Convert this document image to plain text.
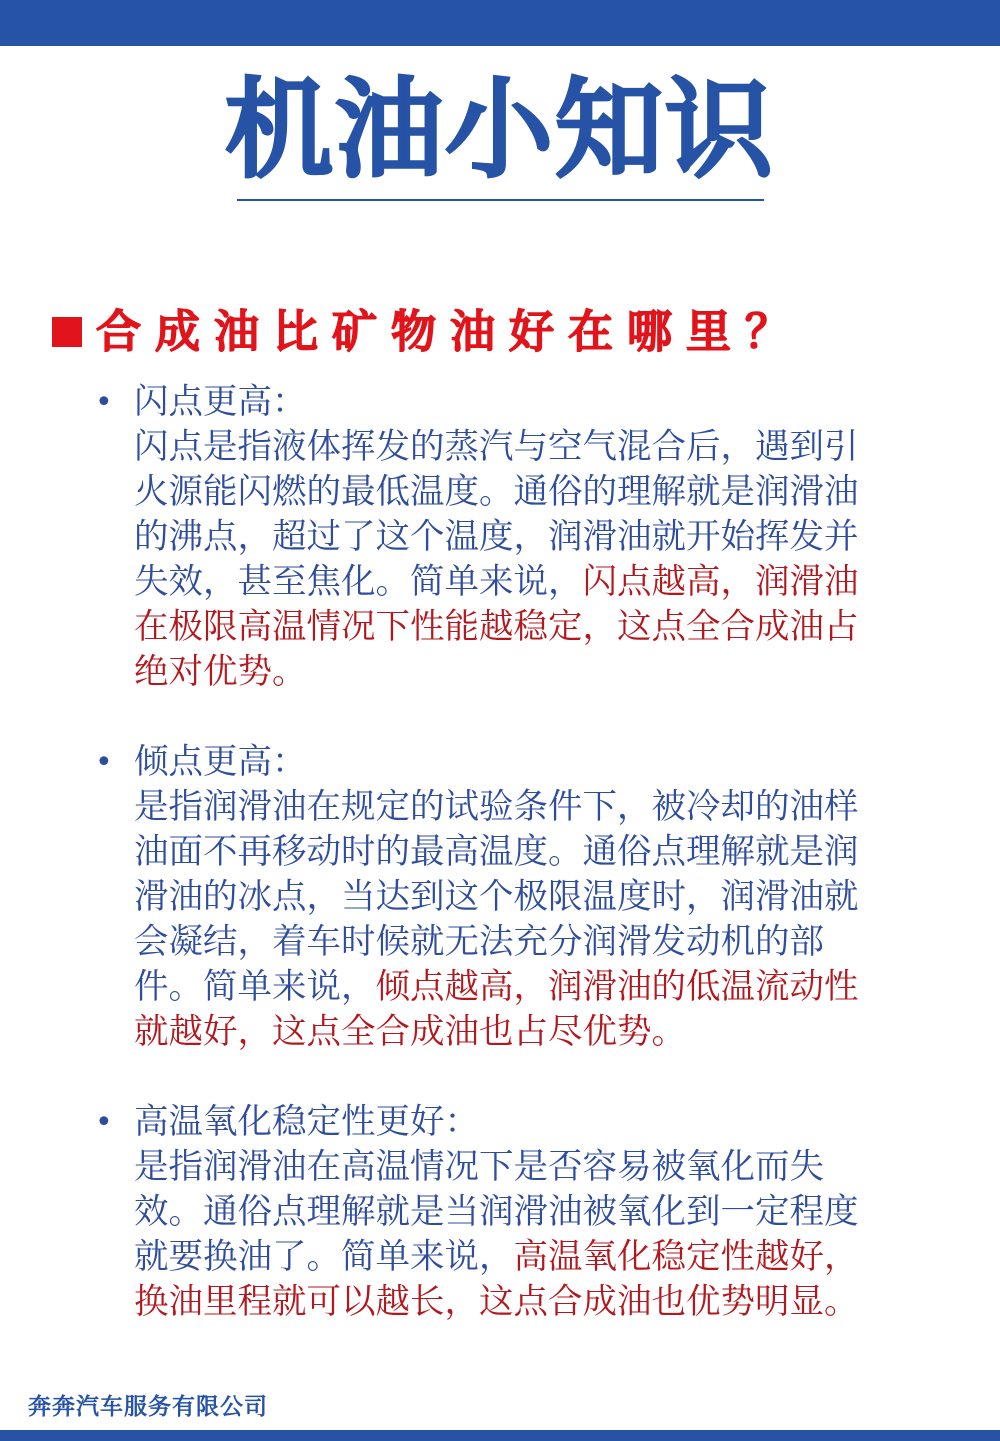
机油小知识
合成油比矿物油好在哪里？
• 闪点更高：
闪点是指液体挥发的蒸汽与空气混合后，遇到引火源能闪燃的最低温度。通俗的理解就是润滑油的沸点，超过了这个温度，润滑油就开始挥发并失效，甚至焦化。简单来说，闪点越高，润滑油在极限高温情况下性能越稳定，这点全合成油占绝对优势。
• 倾点更高：
是指润滑油在规定的试验条件下，被冷却的油样油面不再移动时的最高温度。通俗点理解就是润滑油的冰点，当达到这个极限温度时，润滑油就会凝结，着车时候就无法充分润滑发动机的部件。简单来说，倾点越高，润滑油的低温流动性就越好，这点全合成油也占尽优势。
• 高温氧化稳定性更好：
是指润滑油在高温情况下是否容易被氧化而失效。通俗点理解就是当润滑油被氧化到一定程度就要换油了。简单来说，高温氧化稳定性越好，换油里程就可以越长，这点合成油也优势明显。
奔奔汽车服务有限公司
